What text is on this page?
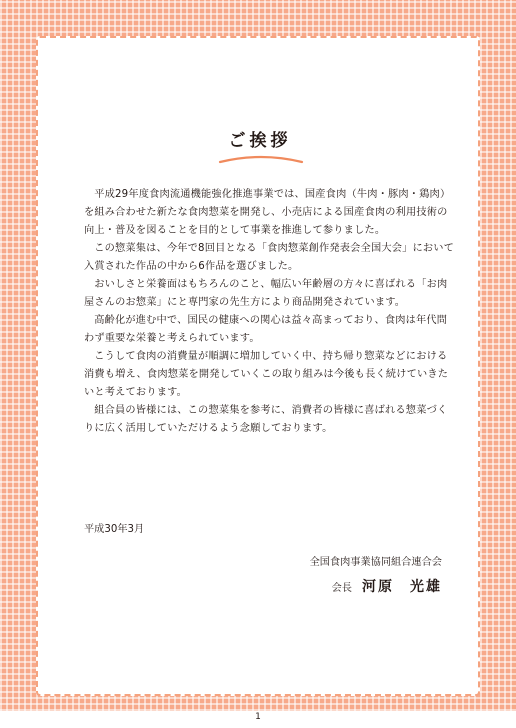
ご挨拶

平成29年度食肉流通機能強化推進事業では、国産食肉（牛肉・豚肉・鶏肉）を組み合わせた新たな食肉惣菜を開発し、小売店による国産食肉の利用技術の向上・普及を図ることを目的として事業を推進して参りました。

この惣菜集は、今年で8回目となる「食肉惣菜創作発表会全国大会」において入賞された作品の中から6作品を選びました。

おいしさと栄養面はもちろんのこと、幅広い年齢層の方々に喜ばれる「お肉屋さんのお惣菜」にと専門家の先生方により商品開発されています。

高齢化が進む中で、国民の健康への関心は益々高まっており、食肉は年代問わず重要な栄養と考えられています。

こうして食肉の消費量が順調に増加していく中、持ち帰り惣菜などにおける消費も増え、食肉惣菜を開発していくこの取り組みは今後も長く続けていきたいと考えております。

組合員の皆様には、この惣菜集を参考に、消費者の皆様に喜ばれる惣菜づくりに広く活用していただけるよう念願しております。

平成30年3月
全国食肉事業協同組合連合会
会長 河原　光雄
1
